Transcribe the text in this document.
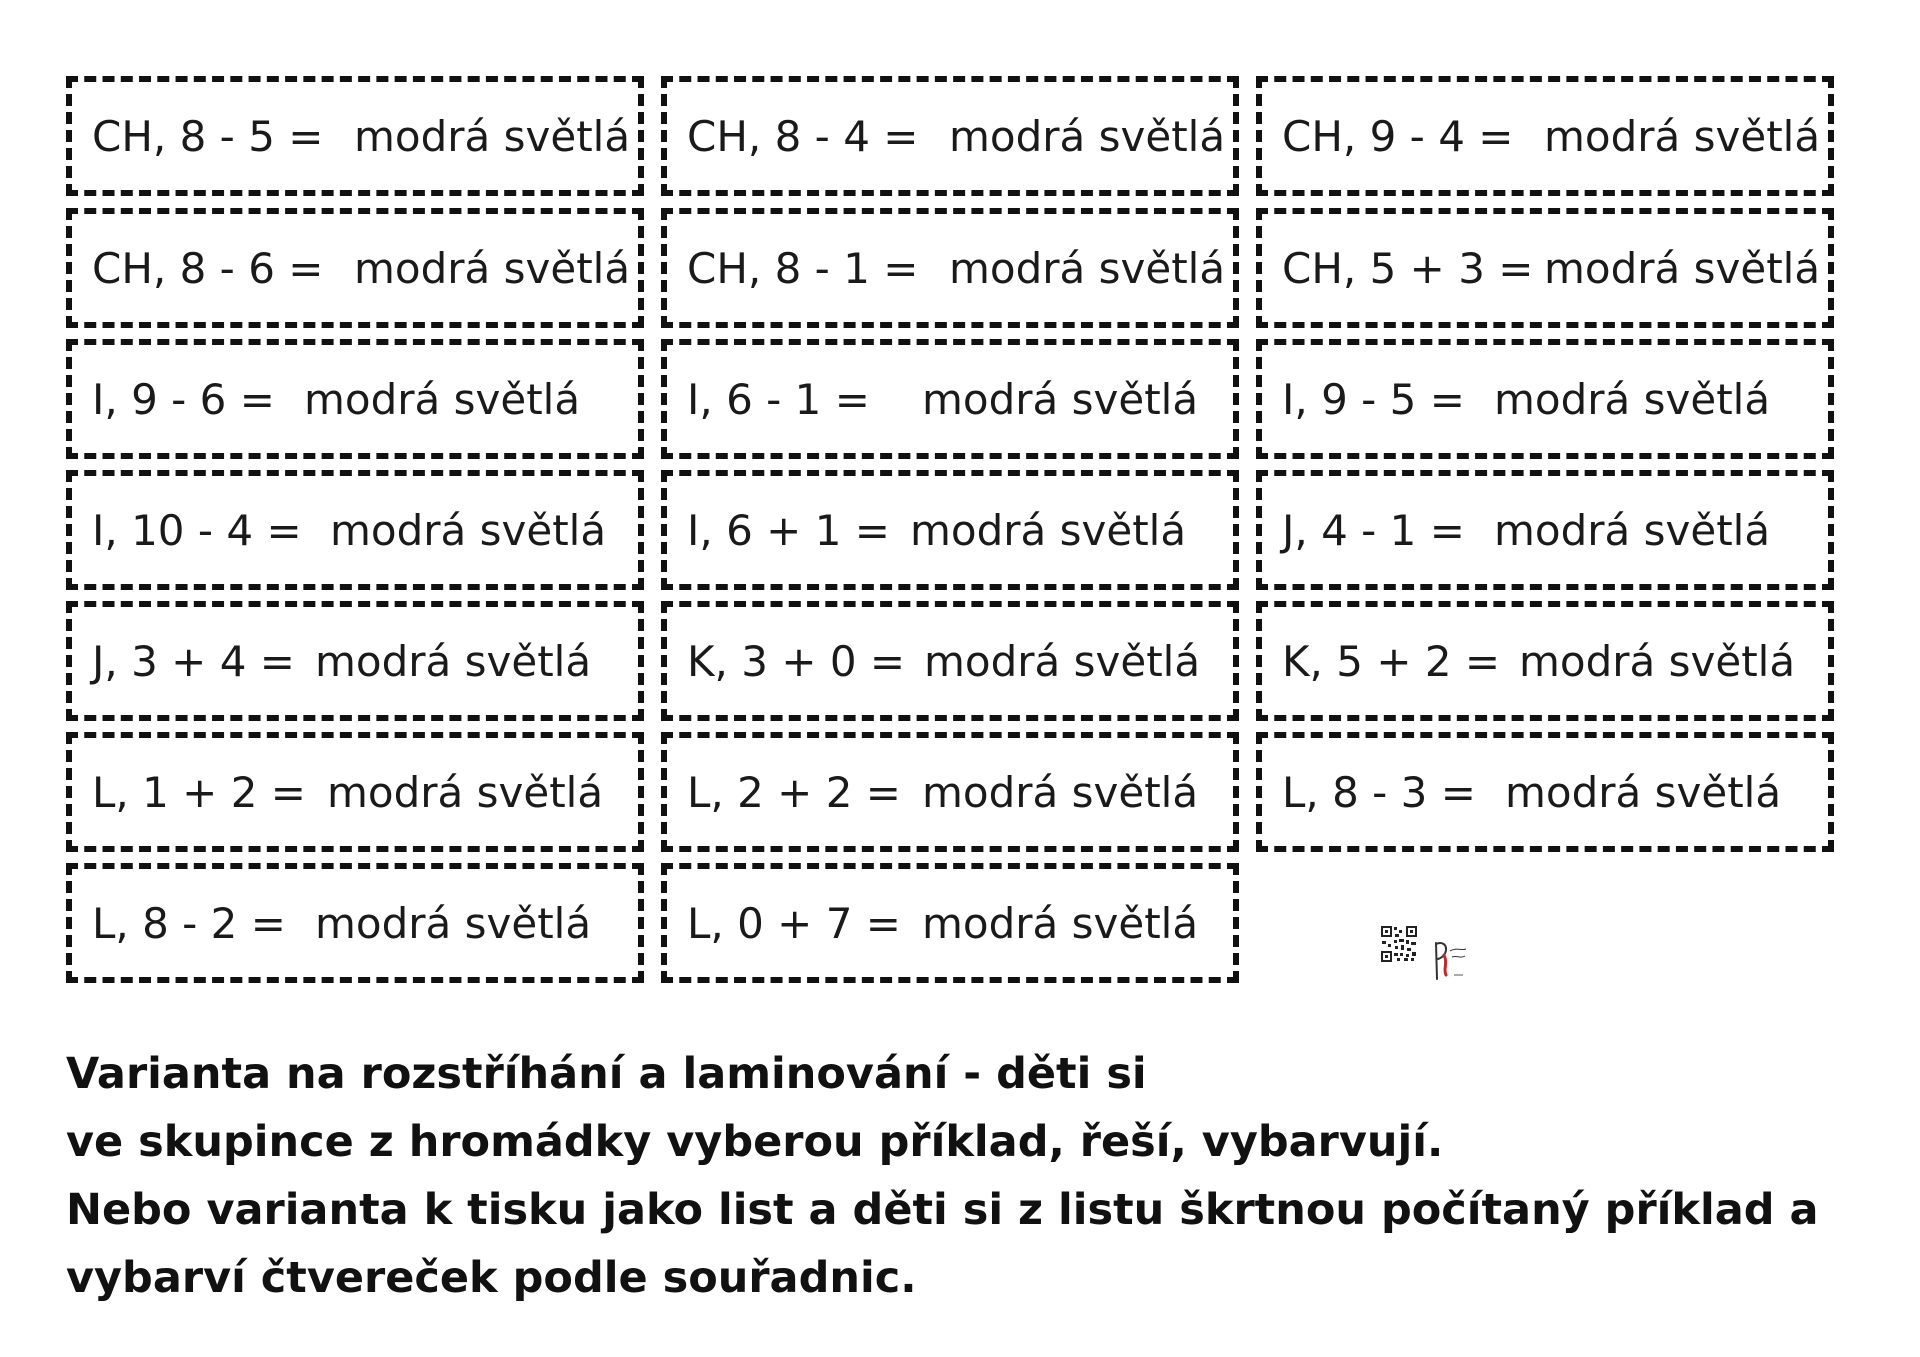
CH, 8 - 5 = modrá světlá CH, 8 - 4 = modrá světlá CH, 9 - 4 = modrá světlá
CH, 8 - 6 = modrá světlá CH, 8 - 1 = modrá světlá CH, 5 + 3 = modrá světlá
I, 9 - 6 = modrá světlá	I, 6 - 1 = modrá světlá I, 9 - 5 = modrá světlá
I, 10 - 4 = modrá světlá I, 6 + 1 = modrá světlá J, 4 - 1 = modrá světlá
J, 3 + 4 = modrá světlá K, 3 + 0 = modrá světlá K, 5 + 2 = modrá světlá
L, 1 + 2 = modrá světlá L, 2 + 2 = modrá světlá L, 8 - 3 = modrá světlá
L, 8 - 2 = modrá světlá L, 0 + 7 = modrá světlá

Varianta na rozstříhání a laminování - děti si

ve skupince z hromádky vyberou příklad, řeší, vybarvují.

Nebo varianta k tisku jako list a děti si z listu škrtnou počítaný příklad a

vybarví čtvereček podle souřadnic.
